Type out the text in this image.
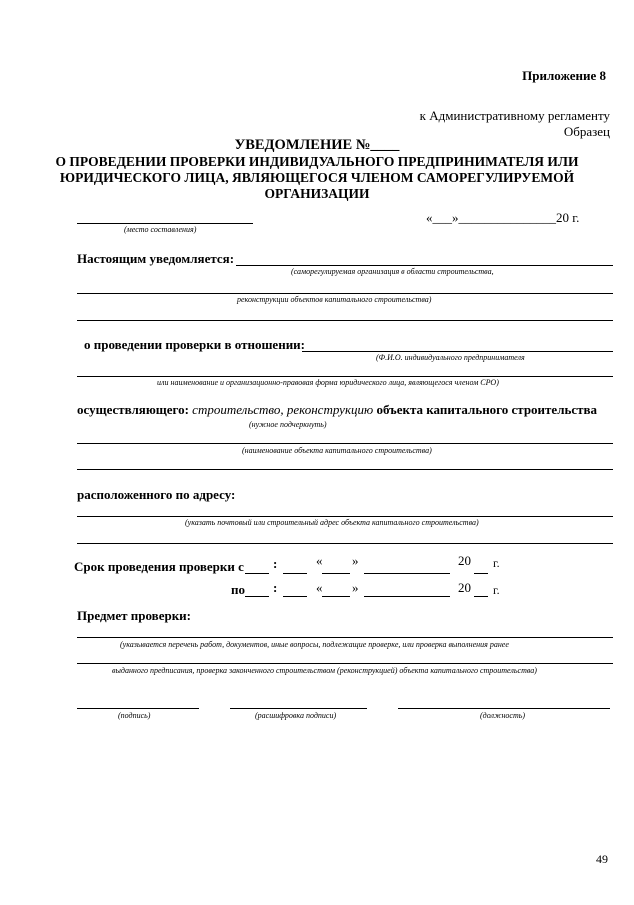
Приложение 8
к Административному регламенту
Образец
УВЕДОМЛЕНИЕ №____
О ПРОВЕДЕНИИ ПРОВЕРКИ ИНДИВИДУАЛЬНОГО ПРЕДПРИНИМАТЕЛЯ ИЛИ
ЮРИДИЧЕСКОГО ЛИЦА, ЯВЛЯЮЩЕГОСЯ ЧЛЕНОМ САМОРЕГУЛИРУЕМОЙ
ОРГАНИЗАЦИИ
(место составления)
«___»_______________20 г.
Настоящим уведомляется:
(саморегулируемая организация в области строительства,
реконструкции объектов капитального строительства)
о проведении проверки в отношении:
(Ф.И.О. индивидуального предпринимателя
или наименование и организационно-правовая форма юридического лица, являющегося членом СРО)
осуществляющего: строительство, реконструкцию объекта капитального строительства
(нужное подчеркнуть)
(наименование объекта капитального строительства)
расположенного по адресу:
(указать почтовый или строительный адрес объекта капитального строительства)
Срок проведения проверки с :	« »	20 г.
по :	« »	20 г.
Предмет проверки:
(указывается перечень работ, документов, иные вопросы, подлежащие проверке, или проверка выполнения ранее
выданного предписания, проверка законченного строительством (реконструкцией) объекта капитального строительства)
(подпись)	(расшифровка подписи)	(должность)
49
